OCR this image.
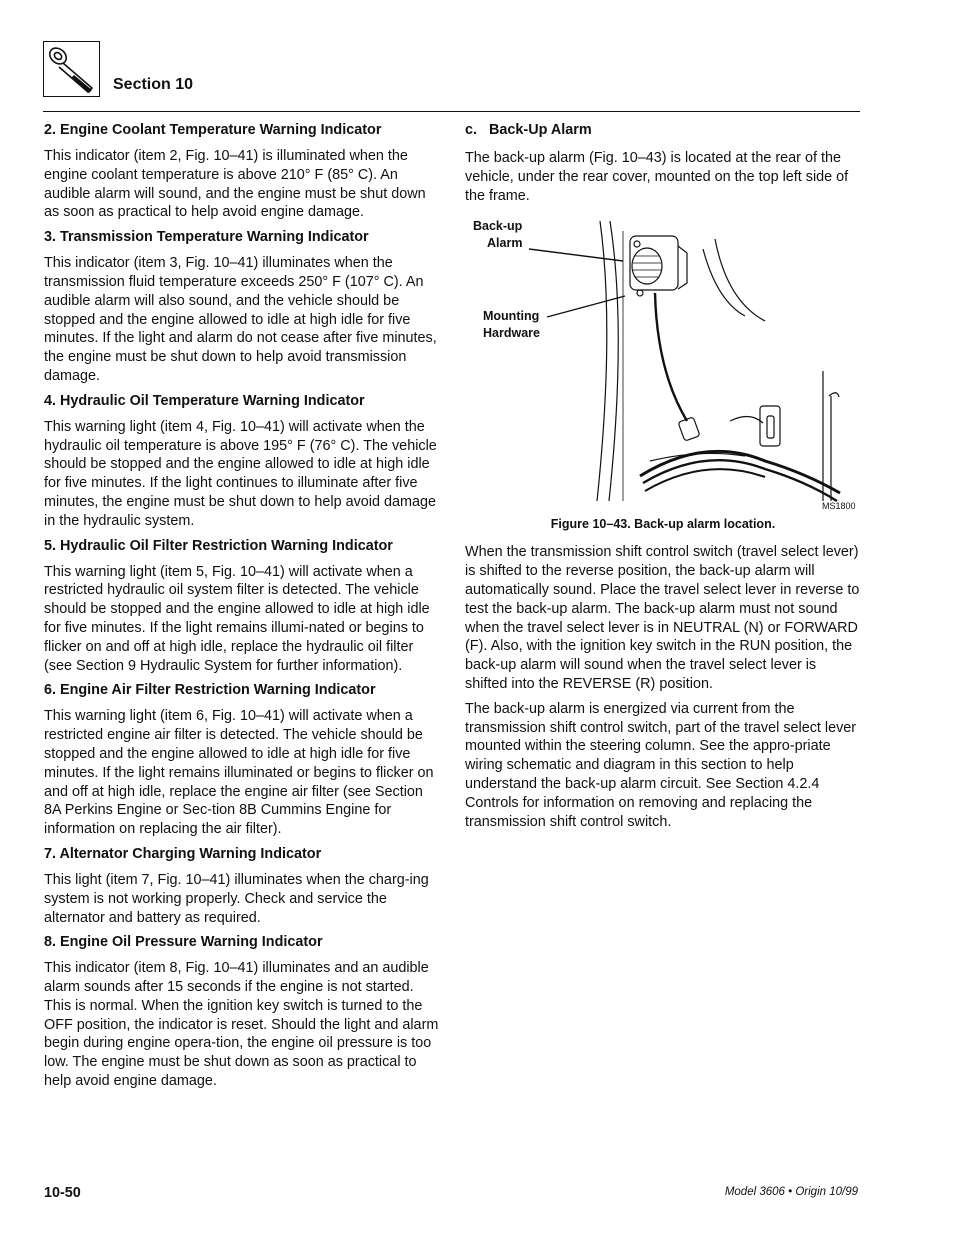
Section 10
2. Engine Coolant Temperature Warning Indicator

This indicator (item 2, Fig. 10–41) is illuminated when the engine coolant temperature is above 210° F (85° C). An audible alarm will sound, and the engine must be shut down as soon as practical to help avoid engine damage.

3. Transmission Temperature Warning Indicator

This indicator (item 3, Fig. 10–41) illuminates when the transmission fluid temperature exceeds 250° F (107° C). An audible alarm will also sound, and the vehicle should be stopped and the engine allowed to idle at high idle for five minutes. If the light and alarm do not cease after five minutes, the engine must be shut down to help avoid transmission damage.

4. Hydraulic Oil Temperature Warning Indicator

This warning light (item 4, Fig. 10–41) will activate when the hydraulic oil temperature is above 195° F (76° C). The vehicle should be stopped and the engine allowed to idle at high idle for five minutes. If the light continues to illuminate after five minutes, the engine must be shut down to help avoid damage in the hydraulic system.

5. Hydraulic Oil Filter Restriction Warning Indicator

This warning light (item 5, Fig. 10–41) will activate when a restricted hydraulic oil system filter is detected. The vehicle should be stopped and the engine allowed to idle at high idle for five minutes. If the light remains illumi-nated or begins to flicker on and off at high idle, replace the hydraulic oil filter (see Section 9 Hydraulic System for further information).

6. Engine Air Filter Restriction Warning Indicator

This warning light (item 6, Fig. 10–41) will activate when a restricted engine air filter is detected. The vehicle should be stopped and the engine allowed to idle at high idle for five minutes. If the light remains illuminated or begins to flicker on and off at high idle, replace the engine air filter (see Section 8A Perkins Engine or Sec-tion 8B Cummins Engine for information on replacing the air filter).

7. Alternator Charging Warning Indicator

This light (item 7, Fig. 10–41) illuminates when the charg-ing system is not working properly. Check and service the alternator and battery as required.

8. Engine Oil Pressure Warning Indicator

This indicator (item 8, Fig. 10–41) illuminates and an audible alarm sounds after 15 seconds if the engine is not started. This is normal. When the ignition key switch is turned to the OFF position, the indicator is reset. Should the light and alarm begin during engine opera-tion, the engine oil pressure is too low. The engine must be shut down as soon as practical to help avoid engine damage.

c.   Back-Up Alarm

The back-up alarm (Fig. 10–43) is located at the rear of the vehicle, under the rear cover, mounted on the top left side of the frame.

Back-up
Alarm
Mounting
Hardware
MS1800
Figure 10–43. Back-up alarm location.

When the transmission shift control switch (travel select lever) is shifted to the reverse position, the back-up alarm will automatically sound. Place the travel select lever in reverse to test the back-up alarm. The back-up alarm must not sound when the travel select lever is in NEUTRAL (N) or FORWARD (F). Also, with the ignition key switch in the RUN position, the back-up alarm will sound when the travel select lever is shifted into the REVERSE (R) position.

The back-up alarm is energized via current from the transmission shift control switch, part of the travel select lever mounted within the steering column. See the appro-priate wiring schematic and diagram in this section to help understand the back-up alarm circuit. See Section 4.2.4 Controls for information on removing and replacing the transmission shift control switch.

10-50	Model 3606 • Origin 10/99
